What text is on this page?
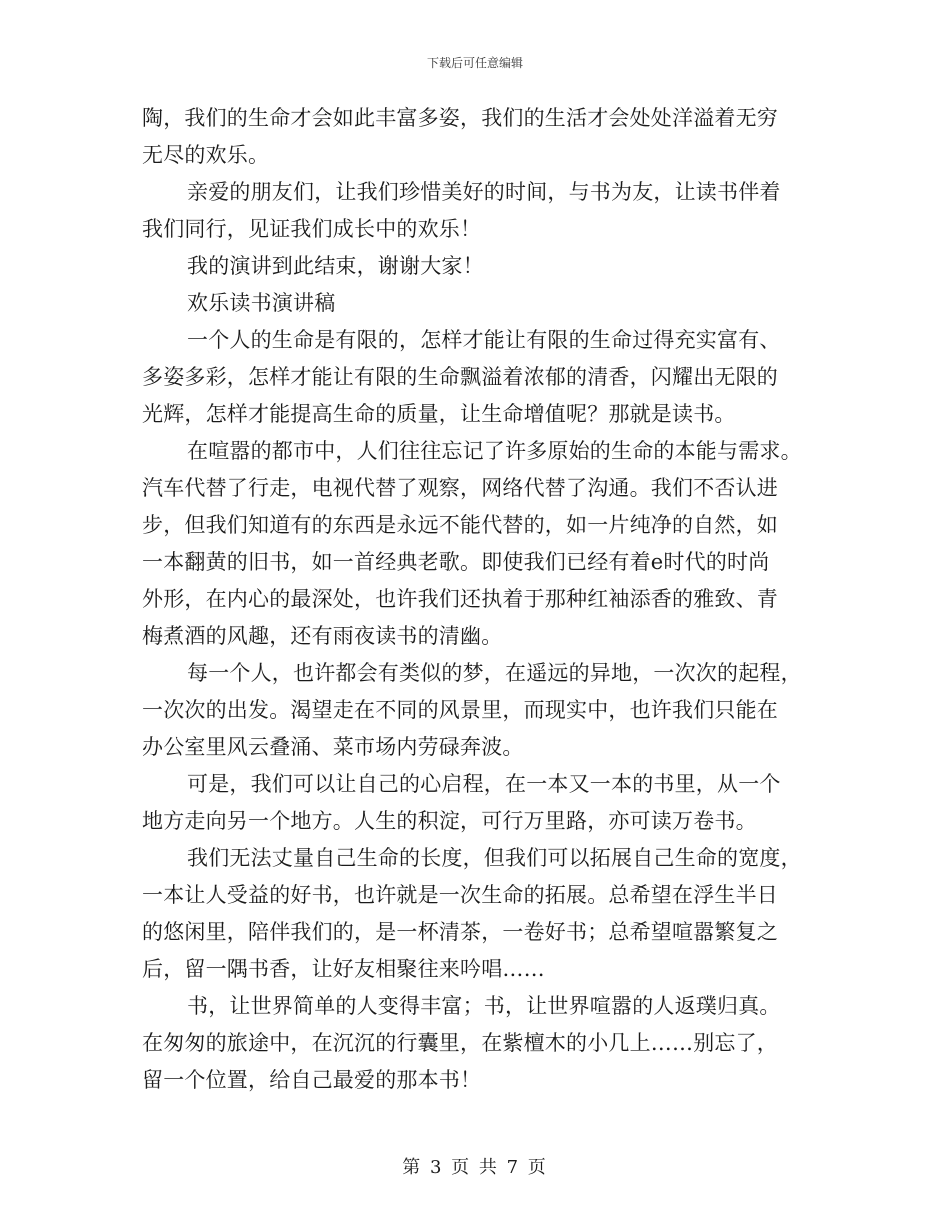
下载后可任意编辑
陶，我们的生命才会如此丰富多姿，我们的生活才会处处洋溢着无穷
无尽的欢乐。
亲爱的朋友们，让我们珍惜美好的时间，与书为友，让读书伴着
我们同行，见证我们成长中的欢乐！
我的演讲到此结束，谢谢大家！
欢乐读书演讲稿
一个人的生命是有限的，怎样才能让有限的生命过得充实富有、
多姿多彩，怎样才能让有限的生命飘溢着浓郁的清香，闪耀出无限的
光辉，怎样才能提高生命的质量，让生命增值呢？那就是读书。
在喧嚣的都市中，人们往往忘记了许多原始的生命的本能与需求。
汽车代替了行走，电视代替了观察，网络代替了沟通。我们不否认进
步，但我们知道有的东西是永远不能代替的，如一片纯净的自然，如
一本翻黄的旧书，如一首经典老歌。即使我们已经有着e时代的时尚
外形，在内心的最深处，也许我们还执着于那种红袖添香的雅致、青
梅煮酒的风趣，还有雨夜读书的清幽。
每一个人，也许都会有类似的梦，在遥远的异地，一次次的起程，
一次次的出发。渴望走在不同的风景里，而现实中，也许我们只能在
办公室里风云叠涌、菜市场内劳碌奔波。
可是，我们可以让自己的心启程，在一本又一本的书里，从一个
地方走向另一个地方。人生的积淀，可行万里路，亦可读万卷书。
我们无法丈量自己生命的长度，但我们可以拓展自己生命的宽度，
一本让人受益的好书，也许就是一次生命的拓展。总希望在浮生半日
的悠闲里，陪伴我们的，是一杯清茶，一卷好书；总希望喧嚣繁复之
后，留一隅书香，让好友相聚往来吟唱……
书，让世界简单的人变得丰富；书，让世界喧嚣的人返璞归真。
在匆匆的旅途中，在沉沉的行囊里，在紫檀木的小几上……别忘了，
留一个位置，给自己最爱的那本书！
第 3 页 共 7 页
